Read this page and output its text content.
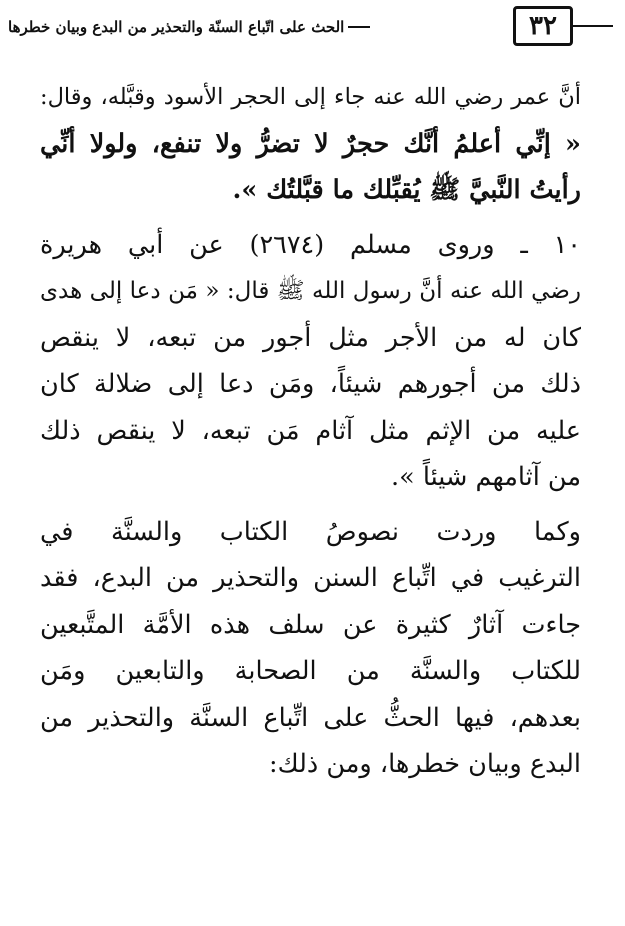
٣٢
الحث على اتّباع السنّة والتحذير من البدع وبيان خطرها

أنَّ عمر رضي الله عنه جاء إلى الحجر الأسود وقبَّله، وقال:
« إنِّي أعلمُ أنَّك حجرٌ لا تضرُّ ولا تنفع، ولولا أنِّي
رأيتُ النَّبيَّ ﷺ يُقبِّلك ما قبَّلتُك ».

١٠ ـ وروى مسلم (٢٦٧٤) عن أبي هريرة
رضي الله عنه أنَّ رسول الله ﷺ قال: « مَن دعا إلى هدى
كان له من الأجر مثل أجور من تبعه، لا ينقص
ذلك من أجورهم شيئاً، ومَن دعا إلى ضلالة كان
عليه من الإثم مثل آثام مَن تبعه، لا ينقص ذلك
من آثامهم شيئاً ».

وكما وردت نصوصُ الكتاب والسنَّة في
الترغيب في اتِّباع السنن والتحذير من البدع، فقد
جاءت آثارٌ كثيرة عن سلف هذه الأمَّة المتَّبعين
للكتاب والسنَّة من الصحابة والتابعين ومَن
بعدهم، فيها الحثُّ على اتِّباع السنَّة والتحذير من
البدع وبيان خطرها، ومن ذلك:
